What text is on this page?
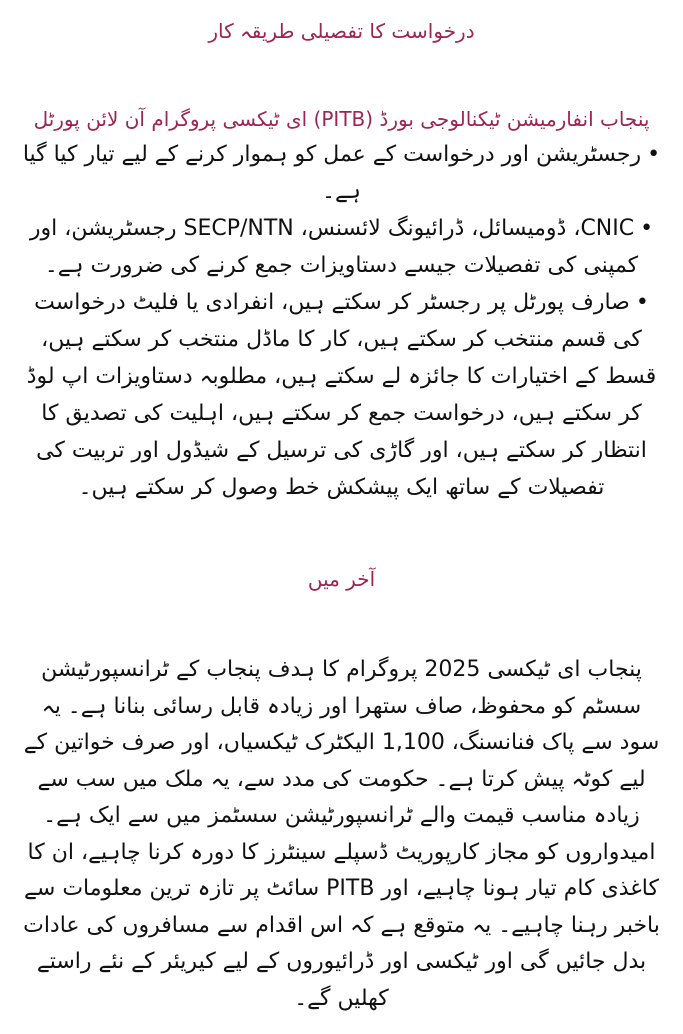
درخواست کا تفصیلی طریقہ کار
پنجاب انفارمیشن ٹیکنالوجی بورڈ (PITB) ای ٹیکسی پروگرام آن لائن پورٹل
•رجسٹریشن اور درخواست کے عمل کو ہموار کرنے کے لیے تیار کیا گیا ہے۔
•CNIC، ڈومیسائل، ڈرائیونگ لائسنس، SECP/NTN رجسٹریشن، اور کمپنی کی تفصیلات جیسے دستاویزات جمع کرنے کی ضرورت ہے۔
•صارف پورٹل پر رجسٹر کر سکتے ہیں، انفرادی یا فلیٹ درخواست کی قسم منتخب کر سکتے ہیں، کار کا ماڈل منتخب کر سکتے ہیں، قسط کے اختیارات کا جائزہ لے سکتے ہیں، مطلوبہ دستاویزات اپ لوڈ کر سکتے ہیں، درخواست جمع کر سکتے ہیں، اہلیت کی تصدیق کا انتظار کر سکتے ہیں، اور گاڑی کی ترسیل کے شیڈول اور تربیت کی تفصیلات کے ساتھ ایک پیشکش خط وصول کر سکتے ہیں۔
آخر میں

پنجاب ای ٹیکسی 2025 پروگرام کا ہدف پنجاب کے ٹرانسپورٹیشن سسٹم کو محفوظ، صاف ستھرا اور زیادہ قابل رسائی بنانا ہے۔ یہ سود سے پاک فنانسنگ، 1,100 الیکٹرک ٹیکسیاں، اور صرف خواتین کے لیے کوٹہ پیش کرتا ہے۔ حکومت کی مدد سے، یہ ملک میں سب سے زیادہ مناسب قیمت والے ٹرانسپورٹیشن سسٹمز میں سے ایک ہے۔ امیدواروں کو مجاز کارپوریٹ ڈسپلے سینٹرز کا دورہ کرنا چاہیے، ان کا کاغذی کام تیار ہونا چاہیے، اور PITB سائٹ پر تازہ ترین معلومات سے باخبر رہنا چاہیے۔ یہ متوقع ہے کہ اس اقدام سے مسافروں کی عادات بدل جائیں گی اور ٹیکسی اور ڈرائیوروں کے لیے کیریئر کے نئے راستے کھلیں گے۔
